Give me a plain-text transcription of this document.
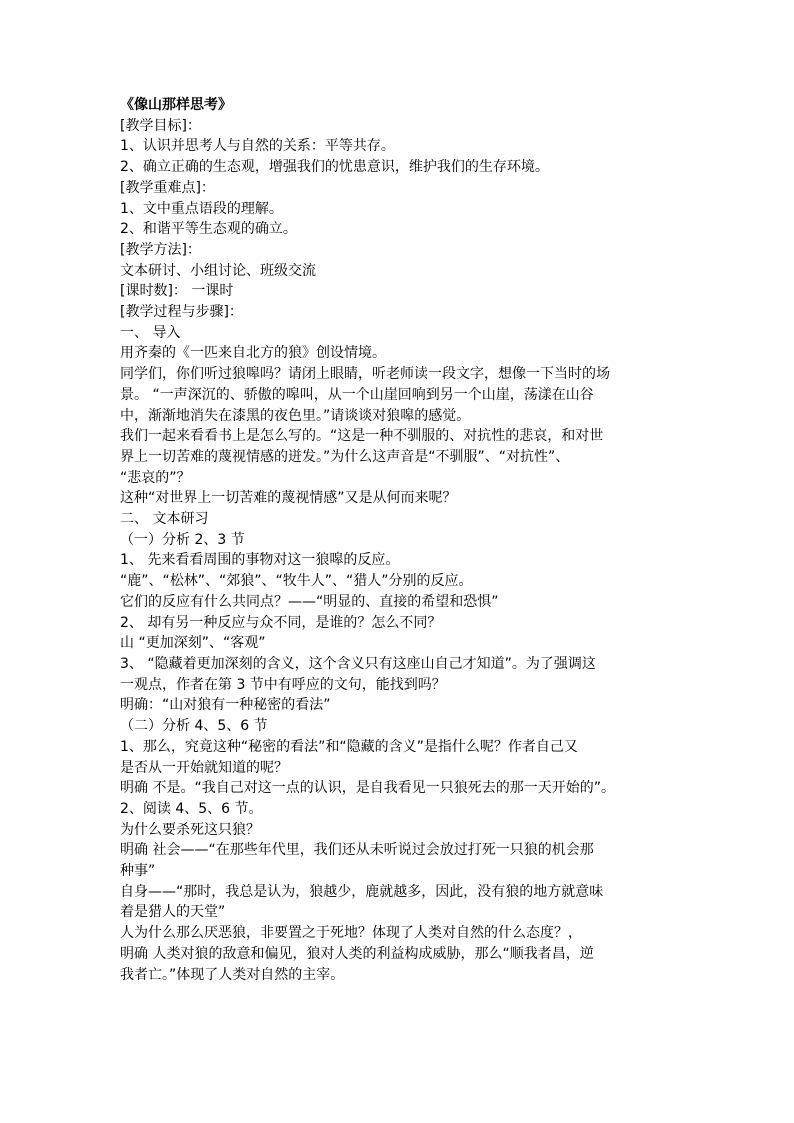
《像山那样思考》
[教学目标]：
1、认识并思考人与自然的关系：平等共存。
2、确立正确的生态观，增强我们的忧患意识，维护我们的生存环境。
[教学重难点]：
1、文中重点语段的理解。
2、和谐平等生态观的确立。
[教学方法]：
文本研讨、小组讨论、班级交流
[课时数]： 一课时
[教学过程与步骤]：
一、 导入
用齐秦的《一匹来自北方的狼》创设情境。
同学们，你们听过狼嗥吗？请闭上眼睛，听老师读一段文字，想像一下当时的场
景。 “一声深沉的、骄傲的嗥叫，从一个山崖回响到另一个山崖，荡漾在山谷
中，渐渐地消失在漆黑的夜色里。”请谈谈对狼嗥的感觉。
我们一起来看看书上是怎么写的。“这是一种不驯服的、对抗性的悲哀，和对世
界上一切苦难的蔑视情感的迸发。”为什么这声音是“不驯服”、“对抗性”、
“悲哀的”？
这种“对世界上一切苦难的蔑视情感”又是从何而来呢？
二、 文本研习
（一）分析 2、3 节
1、 先来看看周围的事物对这一狼嗥的反应。
“鹿”、“松林”、“郊狼”、“牧牛人”、“猎人”分别的反应。
它们的反应有什么共同点？——“明显的、直接的希望和恐惧”
2、 却有另一种反应与众不同，是谁的？怎么不同？
山 “更加深刻”、“客观”
3、 “隐藏着更加深刻的含义，这个含义只有这座山自己才知道”。为了强调这
一观点，作者在第 3 节中有呼应的文句，能找到吗？
明确：“山对狼有一种秘密的看法”
（二）分析 4、5、6 节
1、那么，究竟这种“秘密的看法”和“隐藏的含义”是指什么呢？作者自己又
是否从一开始就知道的呢？
明确 不是。“我自己对这一点的认识，是自我看见一只狼死去的那一天开始的”。
2、阅读 4、5、6 节。
为什么要杀死这只狼？
明确 社会——“在那些年代里，我们还从未听说过会放过打死一只狼的机会那
种事”
自身——“那时，我总是认为，狼越少，鹿就越多，因此，没有狼的地方就意味
着是猎人的天堂”
人为什么那么厌恶狼，非要置之于死地？体现了人类对自然的什么态度？，
明确 人类对狼的敌意和偏见，狼对人类的利益构成威胁，那么“顺我者昌，逆
我者亡。”体现了人类对自然的主宰。
